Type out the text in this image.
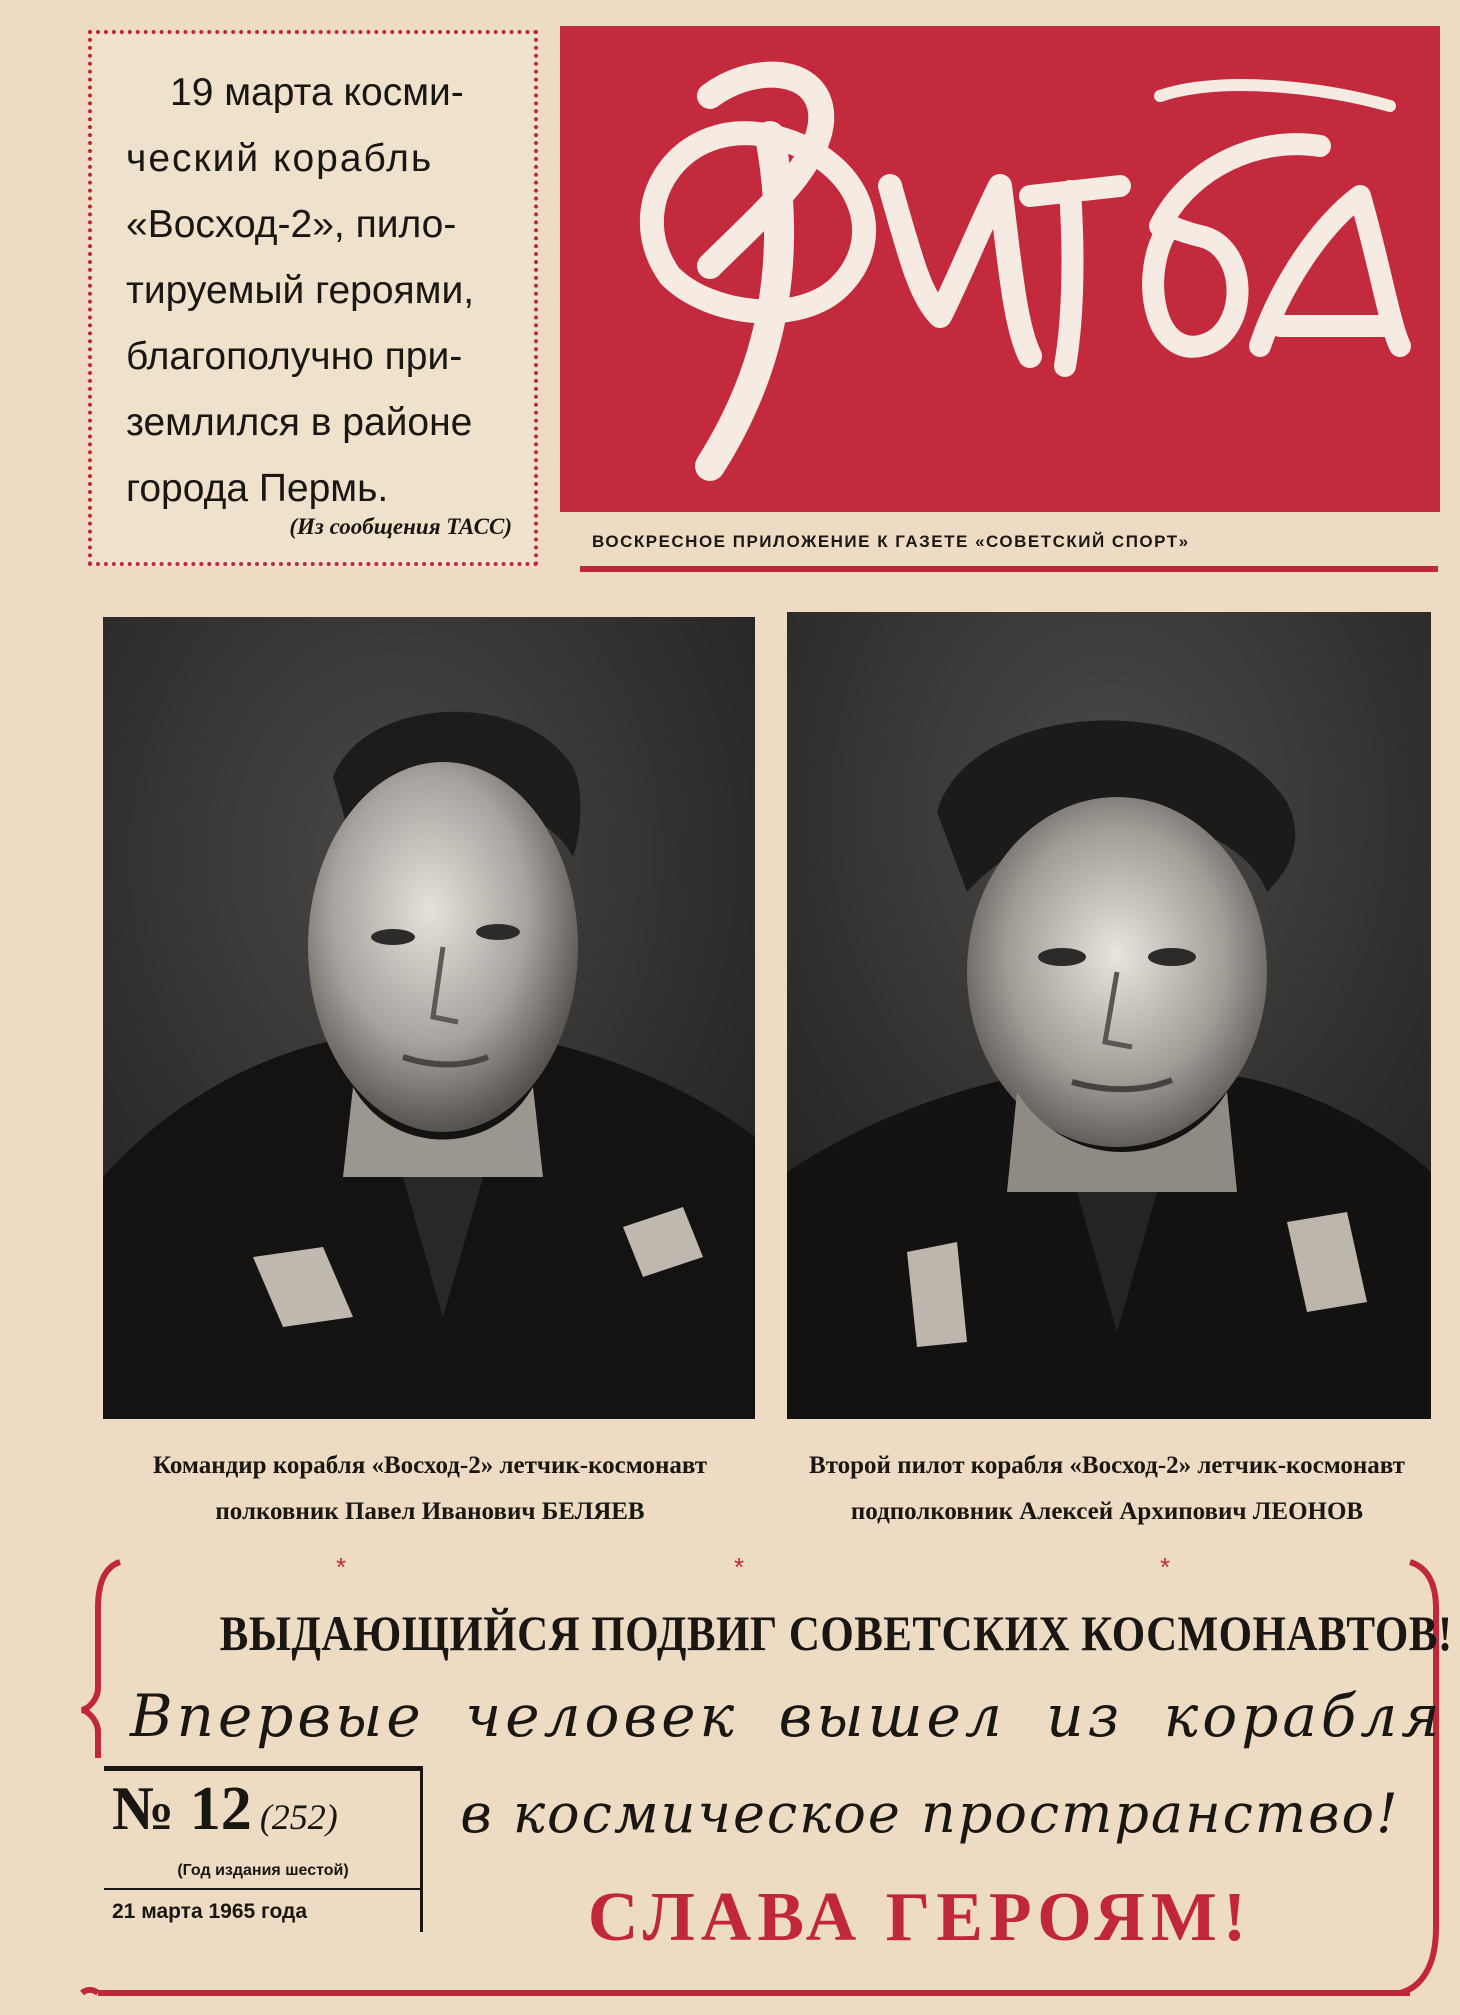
19 марта косми-
ческий корабль
«Восход-2», пило-
тируемый героями,
благополучно при-
землился в районе
города Пермь.
(Из сообщения ТАСС)
ВОСКРЕСНОЕ ПРИЛОЖЕНИЕ К ГАЗЕТЕ «СОВЕТСКИЙ СПОРТ»
Командир корабля «Восход-2» летчик-космонавт
полковник Павел Иванович БЕЛЯЕВ
Второй пилот корабля «Восход-2» летчик-космонавт
подполковник Алексей Архипович ЛЕОНОВ
*	*	*
ВЫДАЮЩИЙСЯ ПОДВИГ СОВЕТСКИХ КОСМОНАВТОВ!
Впервые человек вышел из корабля
в космическое пространство!
СЛАВА ГЕРОЯМ!
№ 12 (252)
(Год издания шестой)
21 марта 1965 года
